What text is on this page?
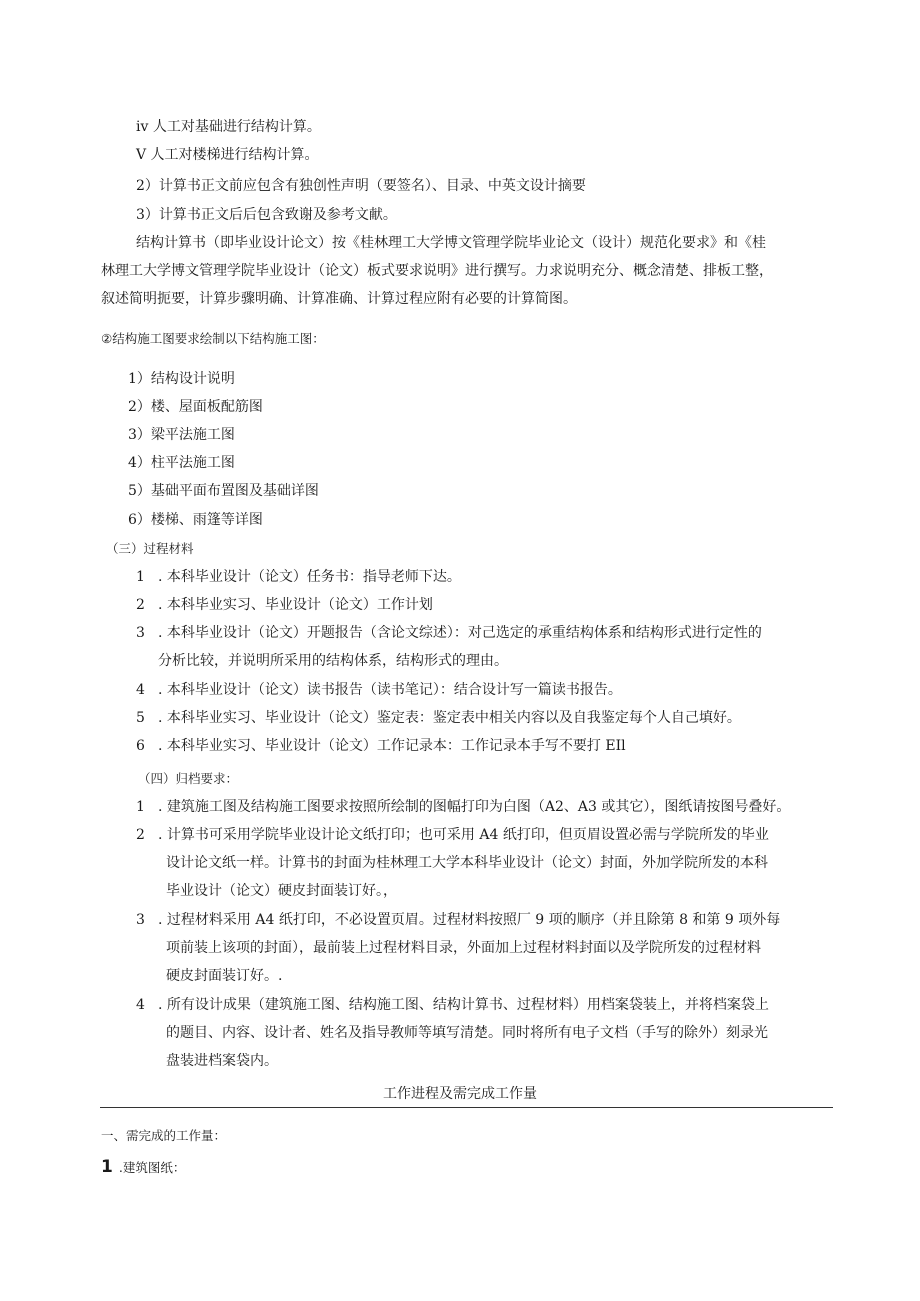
iv 人工对基础进行结构计算。
V 人工对楼梯进行结构计算。
2）计算书正文前应包含有独创性声明（要签名）、目录、中英文设计摘要
3）计算书正文后后包含致谢及参考文献。
结构计算书（即毕业设计论文）按《桂林理工大学博文管理学院毕业论文（设计）规范化要求》和《桂
林理工大学博文管理学院毕业设计（论文）板式要求说明》进行撰写。力求说明充分、概念清楚、排板工整，
叙述简明扼要，计算步骤明确、计算准确、计算过程应附有必要的计算简图。
②结构施工图要求绘制以下结构施工图：
1）结构设计说明
2）楼、屋面板配筋图
3）梁平法施工图
4）柱平法施工图
5）基础平面布置图及基础详图
6）楼梯、雨篷等详图
（三）过程材料
1 . 本科毕业设计（论文）任务书：指导老师下达。
2 . 本科毕业实习、毕业设计（论文）工作计划
3 . 本科毕业设计（论文）开题报告（含论文综述）：对己选定的承重结构体系和结构形式进行定性的
分析比较，并说明所采用的结构体系，结构形式的理由。
4 . 本科毕业设计（论文）读书报告（读书笔记）：结合设计写一篇读书报告。
5 . 本科毕业实习、毕业设计（论文）鉴定表：鉴定表中相关内容以及自我鉴定每个人自己填好。
6 . 本科毕业实习、毕业设计（论文）工作记录本：工作记录本手写不要打 EIl
（四）归档要求：
1 . 建筑施工图及结构施工图要求按照所绘制的图幅打印为白图（A2、A3 或其它），图纸请按图号叠好。
2 . 计算书可采用学院毕业设计论文纸打印；也可采用 A4 纸打印，但页眉设置必需与学院所发的毕业
设计论文纸一样。计算书的封面为桂林理工大学本科毕业设计（论文）封面，外加学院所发的本科
毕业设计（论文）硬皮封面装订好。，
3 . 过程材料采用 A4 纸打印，不必设置页眉。过程材料按照厂 9 项的顺序（并且除第 8 和第 9 项外每
项前装上该项的封面），最前装上过程材料目录，外面加上过程材料封面以及学院所发的过程材料
硬皮封面装订好。.
4 . 所有设计成果（建筑施工图、结构施工图、结构计算书、过程材料）用档案袋装上，并将档案袋上
的题目、内容、设计者、姓名及指导教师等填写清楚。同时将所有电子文档（手写的除外）刻录光
盘装进档案袋内。
工作进程及需完成工作量
一、需完成的工作量：
1 .建筑图纸：
